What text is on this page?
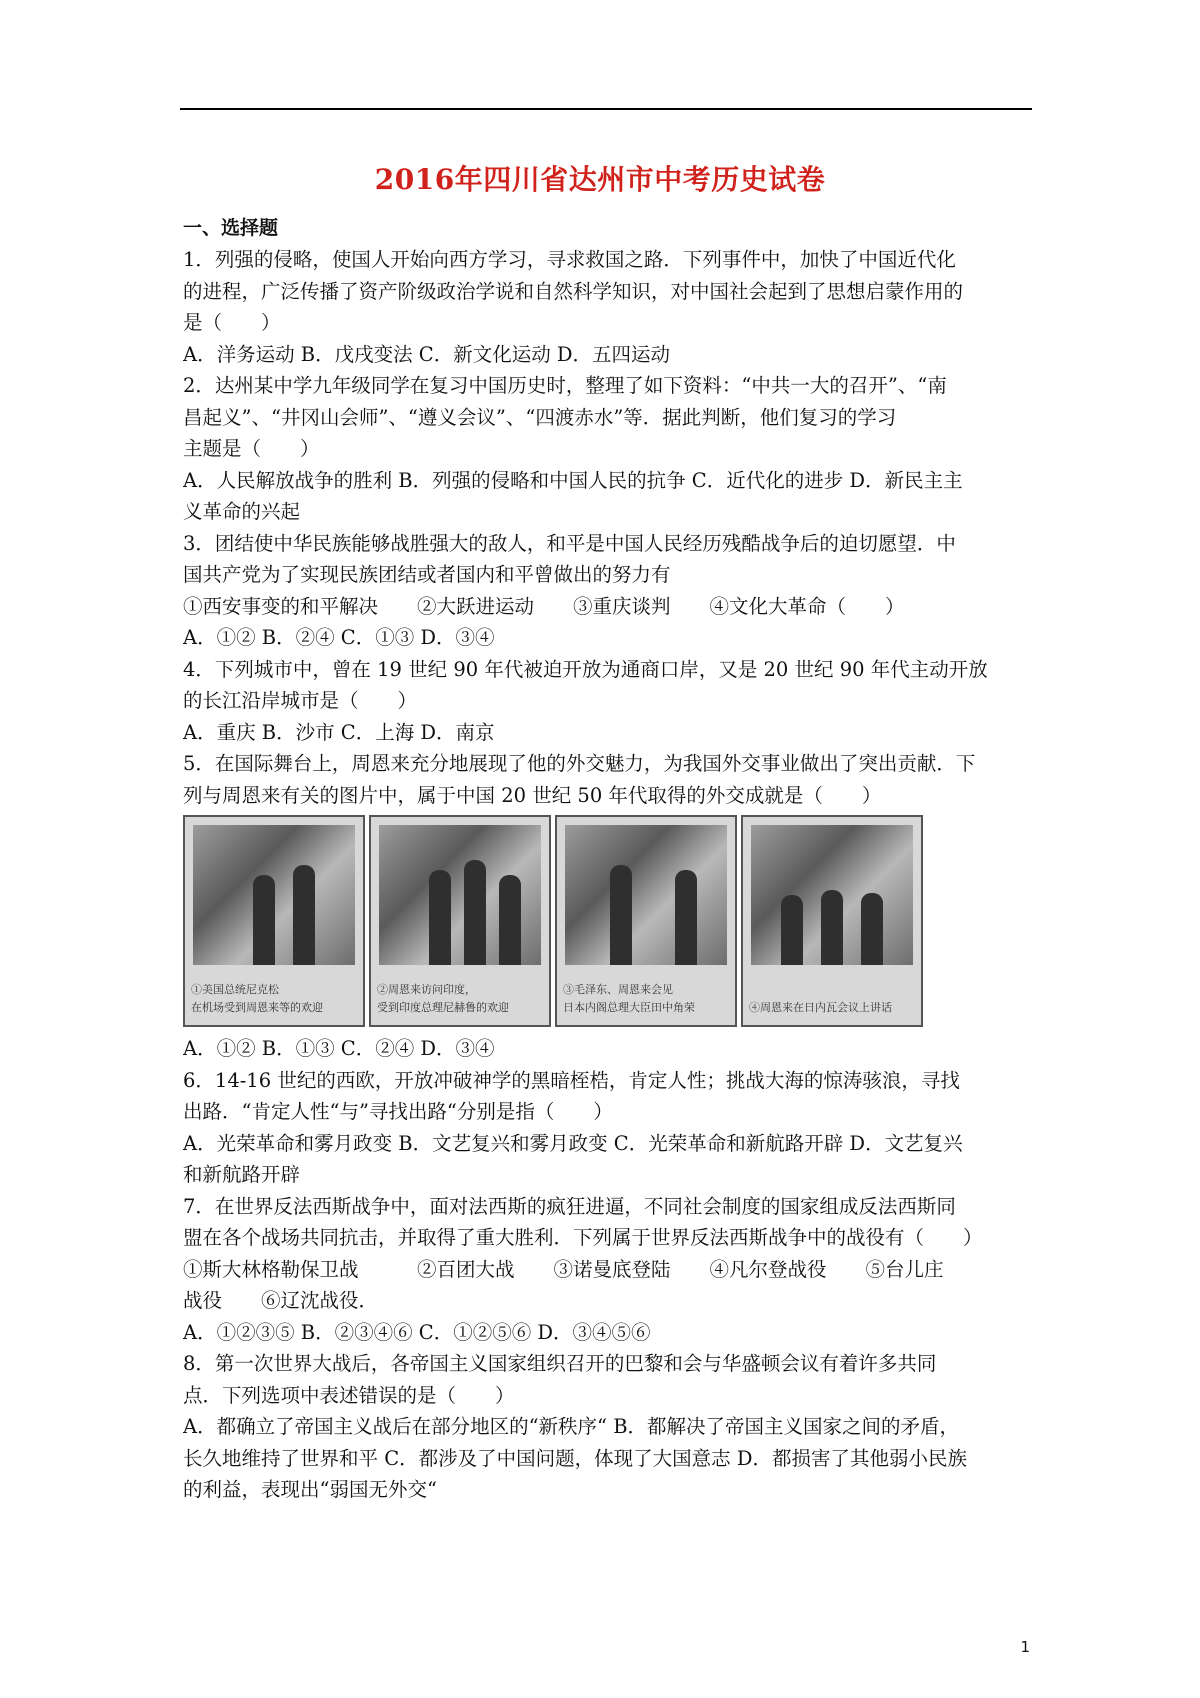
2016年四川省达州市中考历史试卷
一、选择题
1．列强的侵略，使国人开始向西方学习，寻求救国之路．下列事件中，加快了中国近代化
的进程，广泛传播了资产阶级政治学说和自然科学知识，对中国社会起到了思想启蒙作用的
是（　　）
A．洋务运动 B．戊戌变法 C．新文化运动 D．五四运动
2．达州某中学九年级同学在复习中国历史时，整理了如下资料：“中共一大的召开”、“南
昌起义”、“井冈山会师”、“遵义会议”、“四渡赤水”等．据此判断，他们复习的学习
主题是（　　）
A．人民解放战争的胜利 B．列强的侵略和中国人民的抗争 C．近代化的进步 D．新民主主
义革命的兴起
3．团结使中华民族能够战胜强大的敌人，和平是中国人民经历残酷战争后的迫切愿望．中
国共产党为了实现民族团结或者国内和平曾做出的努力有
①西安事变的和平解决　　②大跃进运动　　③重庆谈判　　④文化大革命（　　）
A．①② B．②④ C．①③ D．③④
4．下列城市中，曾在 19 世纪 90 年代被迫开放为通商口岸，又是 20 世纪 90 年代主动开放
的长江沿岸城市是（　　）
A．重庆 B．沙市 C．上海 D．南京
5．在国际舞台上，周恩来充分地展现了他的外交魅力，为我国外交事业做出了突出贡献．下
列与周恩来有关的图片中，属于中国 20 世纪 50 年代取得的外交成就是（　　）
①美国总统尼克松
在机场受到周恩来等的欢迎
②周恩来访问印度，
受到印度总理尼赫鲁的欢迎
③毛泽东、周恩来会见
日本内阁总理大臣田中角荣	④周恩来在日内瓦会议上讲话
A．①② B．①③ C．②④ D．③④
6．14-16 世纪的西欧，开放冲破神学的黑暗桎梏，肯定人性；挑战大海的惊涛骇浪，寻找
出路．“肯定人性“与”寻找出路“分别是指（　　）
A．光荣革命和雾月政变 B．文艺复兴和雾月政变 C．光荣革命和新航路开辟 D．文艺复兴
和新航路开辟
7．在世界反法西斯战争中，面对法西斯的疯狂进逼，不同社会制度的国家组成反法西斯同
盟在各个战场共同抗击，并取得了重大胜利．下列属于世界反法西斯战争中的战役有（　　）
①斯大林格勒保卫战　　　②百团大战　　③诺曼底登陆　　④凡尔登战役　　⑤台儿庄
战役　　⑥辽沈战役．
A．①②③⑤ B．②③④⑥ C．①②⑤⑥ D．③④⑤⑥
8．第一次世界大战后，各帝国主义国家组织召开的巴黎和会与华盛顿会议有着许多共同
点．下列选项中表述错误的是（　　）
A．都确立了帝国主义战后在部分地区的“新秩序“ B．都解决了帝国主义国家之间的矛盾，
长久地维持了世界和平 C．都涉及了中国问题，体现了大国意志 D．都损害了其他弱小民族
的利益，表现出“弱国无外交“
1
